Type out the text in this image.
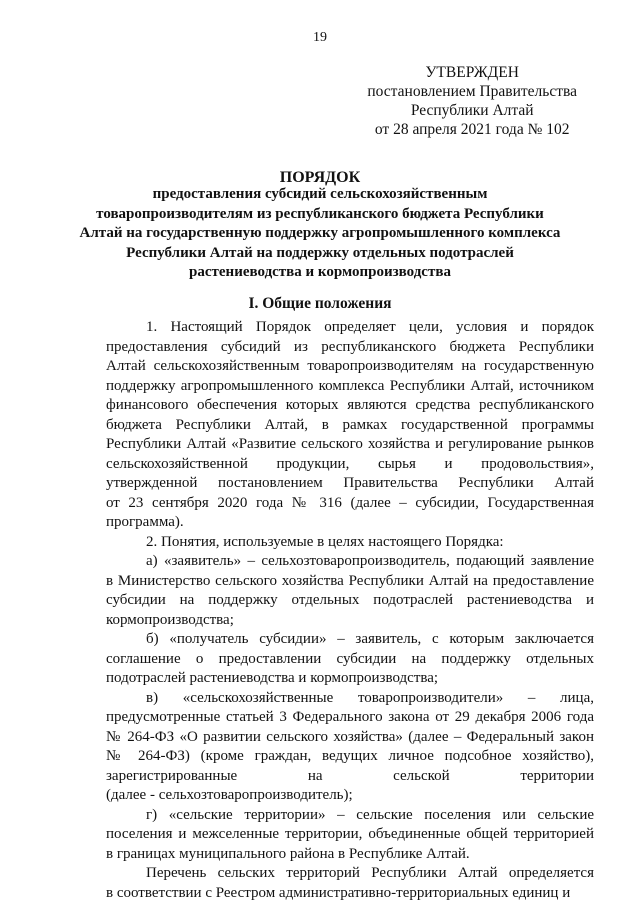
19
УТВЕРЖДЕН
постановлением Правительства
Республики Алтай
от 28 апреля 2021 года № 102
ПОРЯДОК
предоставления субсидий сельскохозяйственным
товаропроизводителям из республиканского бюджета Республики
Алтай на государственную поддержку агропромышленного комплекса
Республики Алтай на поддержку отдельных подотраслей
растениеводства и кормопроизводства
I. Общие положения
1. Настоящий Порядок определяет цели, условия и порядок
предоставления субсидий из республиканского бюджета Республики
Алтай сельскохозяйственным товаропроизводителям на государственную
поддержку агропромышленного комплекса Республики Алтай, источником
финансового обеспечения которых являются средства республиканского
бюджета Республики Алтай, в рамках государственной программы
Республики Алтай «Развитие сельского хозяйства и регулирование рынков
сельскохозяйственной продукции, сырья и продовольствия»,
утвержденной постановлением Правительства Республики Алтай
от 23 сентября 2020 года № 316 (далее – субсидии, Государственная
программа).
2. Понятия, используемые в целях настоящего Порядка:
а) «заявитель» – сельхозтоваропроизводитель, подающий заявление
в Министерство сельского хозяйства Республики Алтай на предоставление
субсидии на поддержку отдельных подотраслей растениеводства и
кормопроизводства;
б) «получатель субсидии» – заявитель, с которым заключается
соглашение о предоставлении субсидии на поддержку отдельных
подотраслей растениеводства и кормопроизводства;
в) «сельскохозяйственные товаропроизводители» – лица,
предусмотренные статьей 3 Федерального закона от 29 декабря 2006 года
№ 264-ФЗ «О развитии сельского хозяйства» (далее – Федеральный закон
№ 264-ФЗ) (кроме граждан, ведущих личное подсобное хозяйство),
зарегистрированные на сельской территории
(далее - сельхозтоваропроизводитель);
г) «сельские территории» – сельские поселения или сельские
поселения и межселенные территории, объединенные общей территорией
в границах муниципального района в Республике Алтай.
Перечень сельских территорий Республики Алтай определяется
в соответствии с Реестром административно-территориальных единиц и
